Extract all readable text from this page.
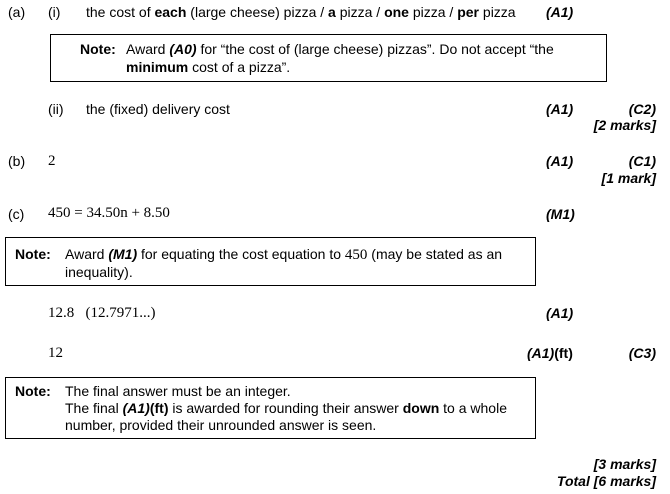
(a) (i) the cost of each (large cheese) pizza / a pizza / one pizza / per pizza (A1)
Note: Award (A0) for “the cost of (large cheese) pizzas”. Do not accept “the
minimum cost of a pizza”.
(ii) the (fixed) delivery cost	(A1)	(C2)
[2 marks]
(b) 2	(A1)	(C1)
[1 mark]
(c) 450 = 34.50n + 8.50	(M1)
Note: Award (M1) for equating the cost equation to 450 (may be stated as an inequality).
12.8   (12.7971...)	(A1)
12	(A1)(ft)	(C3)
Note: The final answer must be an integer.
The final (A1)(ft) is awarded for rounding their answer down to a whole
number, provided their unrounded answer is seen.
[3 marks]
Total [6 marks]
